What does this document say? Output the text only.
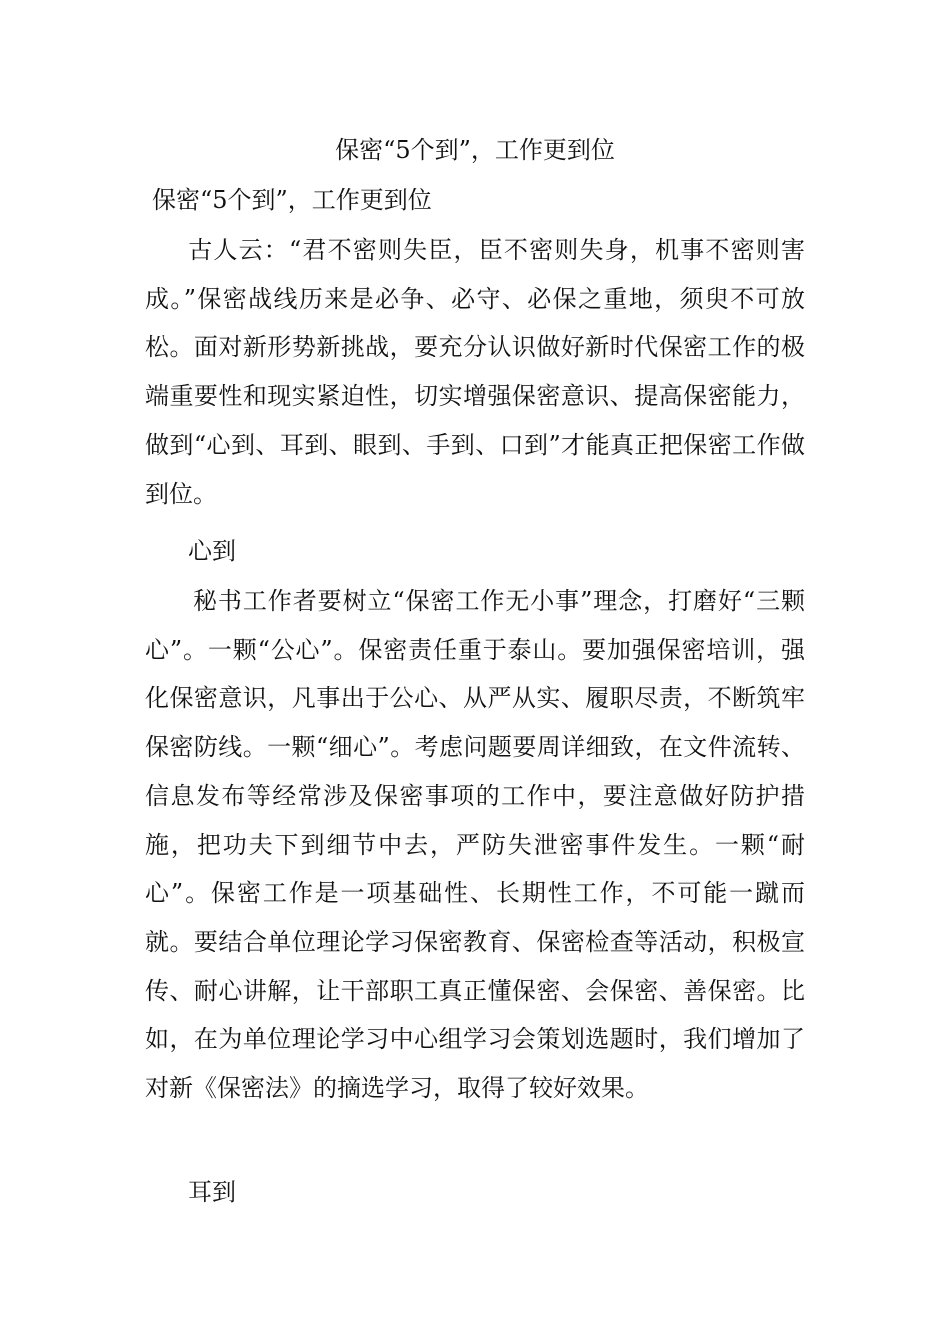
保密“5个到”，工作更到位

保密“5个到”，工作更到位

古人云：“君不密则失臣，臣不密则失身，机事不密则害成。”保密战线历来是必争、必守、必保之重地，须臾不可放松。面对新形势新挑战，要充分认识做好新时代保密工作的极端重要性和现实紧迫性，切实增强保密意识、提高保密能力，做到“心到、耳到、眼到、手到、口到”才能真正把保密工作做到位。

心到

秘书工作者要树立“保密工作无小事”理念，打磨好“三颗心”。一颗“公心”。保密责任重于泰山。要加强保密培训，强化保密意识，凡事出于公心、从严从实、履职尽责，不断筑牢保密防线。一颗“细心”。考虑问题要周详细致，在文件流转、信息发布等经常涉及保密事项的工作中，要注意做好防护措施，把功夫下到细节中去，严防失泄密事件发生。一颗“耐心”。保密工作是一项基础性、长期性工作，不可能一蹴而就。要结合单位理论学习保密教育、保密检查等活动，积极宣传、耐心讲解，让干部职工真正懂保密、会保密、善保密。比如，在为单位理论学习中心组学习会策划选题时，我们增加了对新《保密法》的摘选学习，取得了较好效果。

耳到
